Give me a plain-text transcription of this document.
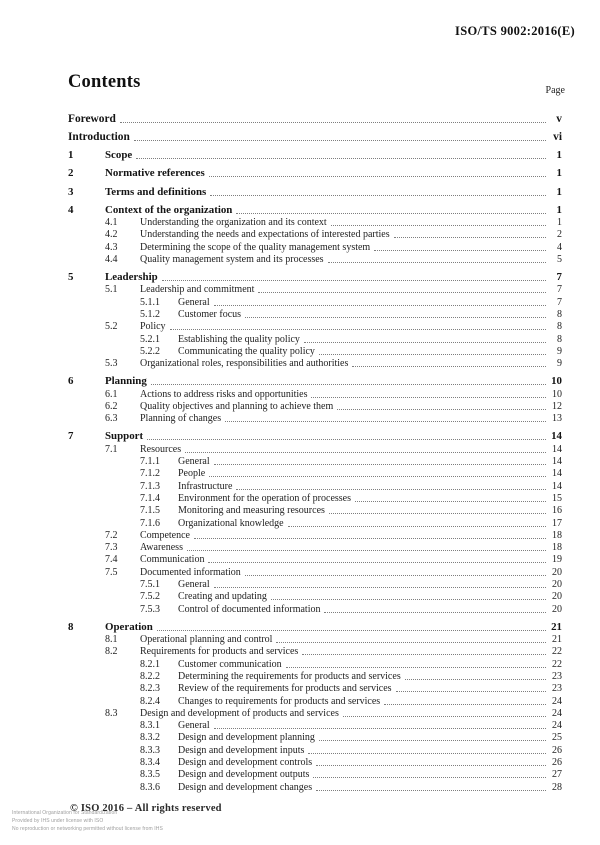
ISO/TS 9002:2016(E)
Contents	Page
Foreword	v
Introduction	vi
1	Scope	1
2	Normative references	1
3	Terms and definitions	1
4	Context of the organization	1
4.1	Understanding the organization and its context	1
4.2	Understanding the needs and expectations of interested parties	2
4.3	Determining the scope of the quality management system	4
4.4	Quality management system and its processes	5
5	Leadership	7
5.1	Leadership and commitment	7
5.1.1	General	7
5.1.2	Customer focus	8
5.2	Policy	8
5.2.1	Establishing the quality policy	8
5.2.2	Communicating the quality policy	9
5.3	Organizational roles, responsibilities and authorities	9
6	Planning	10
6.1	Actions to address risks and opportunities	10
6.2	Quality objectives and planning to achieve them	12
6.3	Planning of changes	13
7	Support	14
7.1	Resources	14
7.1.1	General	14
7.1.2	People	14
7.1.3	Infrastructure	14
7.1.4	Environment for the operation of processes	15
7.1.5	Monitoring and measuring resources	16
7.1.6	Organizational knowledge	17
7.2	Competence	18
7.3	Awareness	18
7.4	Communication	19
7.5	Documented information	20
7.5.1	General	20
7.5.2	Creating and updating	20
7.5.3	Control of documented information	20
8	Operation	21
8.1	Operational planning and control	21
8.2	Requirements for products and services	22
8.2.1	Customer communication	22
8.2.2	Determining the requirements for products and services	23
8.2.3	Review of the requirements for products and services	23
8.2.4	Changes to requirements for products and services	24
8.3	Design and development of products and services	24
8.3.1	General	24
8.3.2	Design and development planning	25
8.3.3	Design and development inputs	26
8.3.4	Design and development controls	26
8.3.5	Design and development outputs	27
8.3.6	Design and development changes	28
International Organization for Standardization
Provided by IHS under license with ISO
No reproduction or networking permitted without license from IHS
© ISO 2016 – All rights reserved
